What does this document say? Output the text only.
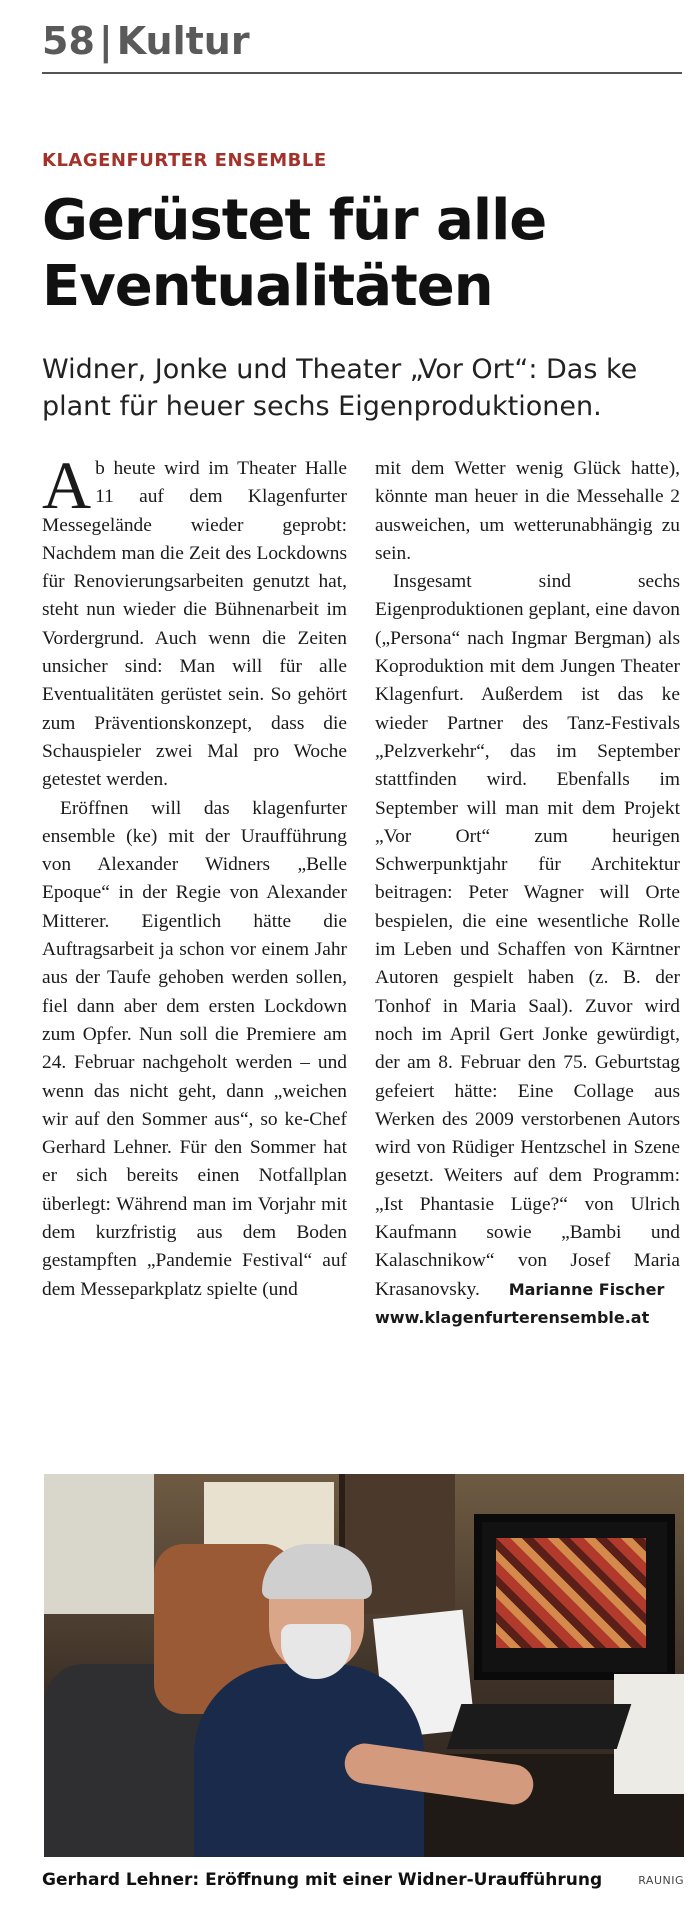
58 | Kultur
KLAGENFURTER ENSEMBLE
Gerüstet für alle
Eventualitäten

Widner, Jonke und Theater „Vor Ort“: Das ke plant für heuer sechs Eigenproduktionen.

Ab heute wird im Theater Halle 11 auf dem Klagenfurter Messegelände wieder geprobt: Nachdem man die Zeit des Lockdowns für Renovierungsarbeiten genutzt hat, steht nun wieder die Bühnenarbeit im Vordergrund. Auch wenn die Zeiten unsicher sind: Man will für alle Eventualitäten gerüstet sein. So gehört zum Präventionskonzept, dass die Schauspieler zwei Mal pro Woche getestet werden.

Eröffnen will das klagenfurter ensemble (ke) mit der Uraufführung von Alexander Widners „Belle Epoque“ in der Regie von Alexander Mitterer. Eigentlich hätte die Auftragsarbeit ja schon vor einem Jahr aus der Taufe gehoben werden sollen, fiel dann aber dem ersten Lockdown zum Opfer. Nun soll die Premiere am 24. Februar nachgeholt werden – und wenn das nicht geht, dann „weichen wir auf den Sommer aus“, so ke-Chef Gerhard Lehner. Für den Sommer hat er sich bereits einen Notfallplan überlegt: Während man im Vorjahr mit dem kurzfristig aus dem Boden gestampften „Pandemie Festival“ auf dem Messeparkplatz spielte (und

mit dem Wetter wenig Glück hatte), könnte man heuer in die Messehalle 2 ausweichen, um wetterunabhängig zu sein.

Insgesamt sind sechs Eigenproduktionen geplant, eine davon („Persona“ nach Ingmar Bergman) als Koproduktion mit dem Jungen Theater Klagenfurt. Außerdem ist das ke wieder Partner des Tanz-Festivals „Pelzverkehr“, das im September stattfinden wird. Ebenfalls im September will man mit dem Projekt „Vor Ort“ zum heurigen Schwerpunktjahr für Architektur beitragen: Peter Wagner will Orte bespielen, die eine wesentliche Rolle im Leben und Schaffen von Kärntner Autoren gespielt haben (z. B. der Tonhof in Maria Saal). Zuvor wird noch im April Gert Jonke gewürdigt, der am 8. Februar den 75. Geburtstag gefeiert hätte: Eine Collage aus Werken des 2009 verstorbenen Autors wird von Rüdiger Hentzschel in Szene gesetzt. Weiters auf dem Programm: „Ist Phantasie Lüge?“ von Ulrich Kaufmann sowie „Bambi und Kalaschnikow“ von Josef Maria Krasanovsky. Marianne Fischer

www.klagenfurterensemble.at

Gerhard Lehner: Eröffnung mit einer Widner-Uraufführung	RAUNIG
